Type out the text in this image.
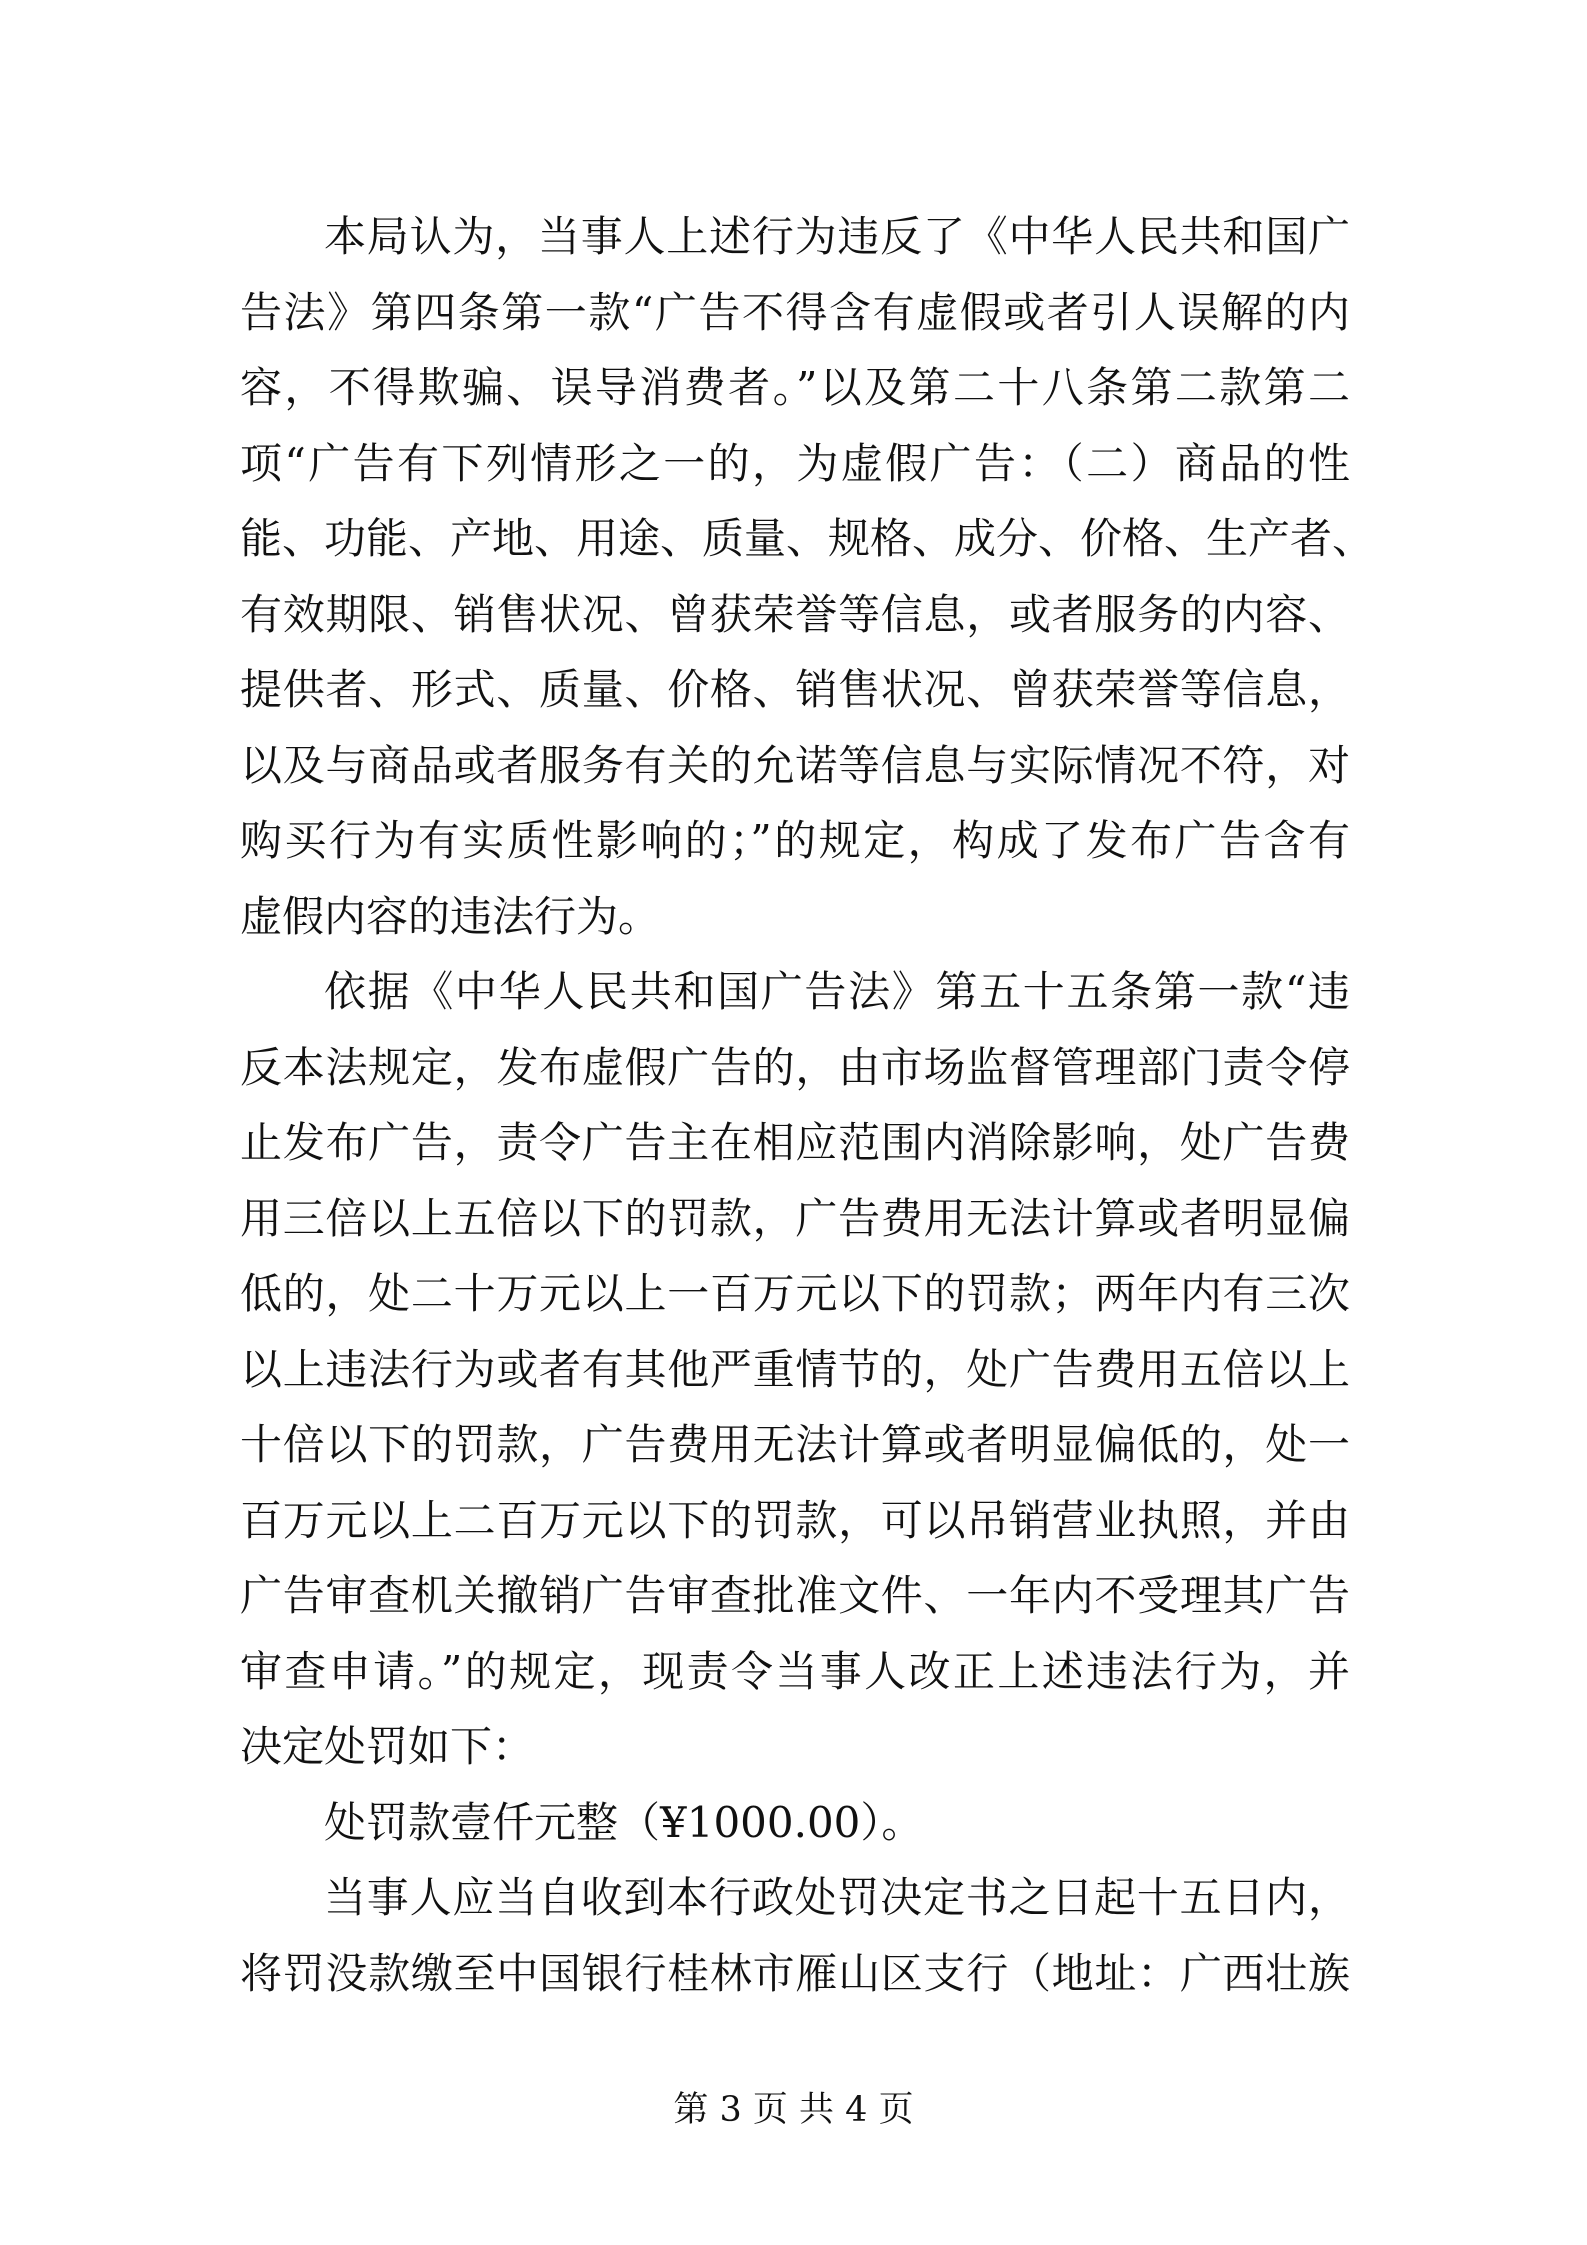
本局认为，当事人上述行为违反了《中华人民共和国广
告法》第四条第一款“广告不得含有虚假或者引人误解的内
容，不得欺骗、误导消费者。”以及第二十八条第二款第二
项“广告有下列情形之一的，为虚假广告：（二）商品的性
能、功能、产地、用途、质量、规格、成分、价格、生产者、
有效期限、销售状况、曾获荣誉等信息，或者服务的内容、
提供者、形式、质量、价格、销售状况、曾获荣誉等信息，
以及与商品或者服务有关的允诺等信息与实际情况不符，对
购买行为有实质性影响的；”的规定，构成了发布广告含有
虚假内容的违法行为。
依据《中华人民共和国广告法》第五十五条第一款“违
反本法规定，发布虚假广告的，由市场监督管理部门责令停
止发布广告，责令广告主在相应范围内消除影响，处广告费
用三倍以上五倍以下的罚款，广告费用无法计算或者明显偏
低的，处二十万元以上一百万元以下的罚款；两年内有三次
以上违法行为或者有其他严重情节的，处广告费用五倍以上
十倍以下的罚款，广告费用无法计算或者明显偏低的，处一
百万元以上二百万元以下的罚款，可以吊销营业执照，并由
广告审查机关撤销广告审查批准文件、一年内不受理其广告
审查申请。”的规定，现责令当事人改正上述违法行为，并
决定处罚如下：
处罚款壹仟元整（¥1000.00）。
当事人应当自收到本行政处罚决定书之日起十五日内，
将罚没款缴至中国银行桂林市雁山区支行（地址：广西壮族
第 3 页 共 4 页
